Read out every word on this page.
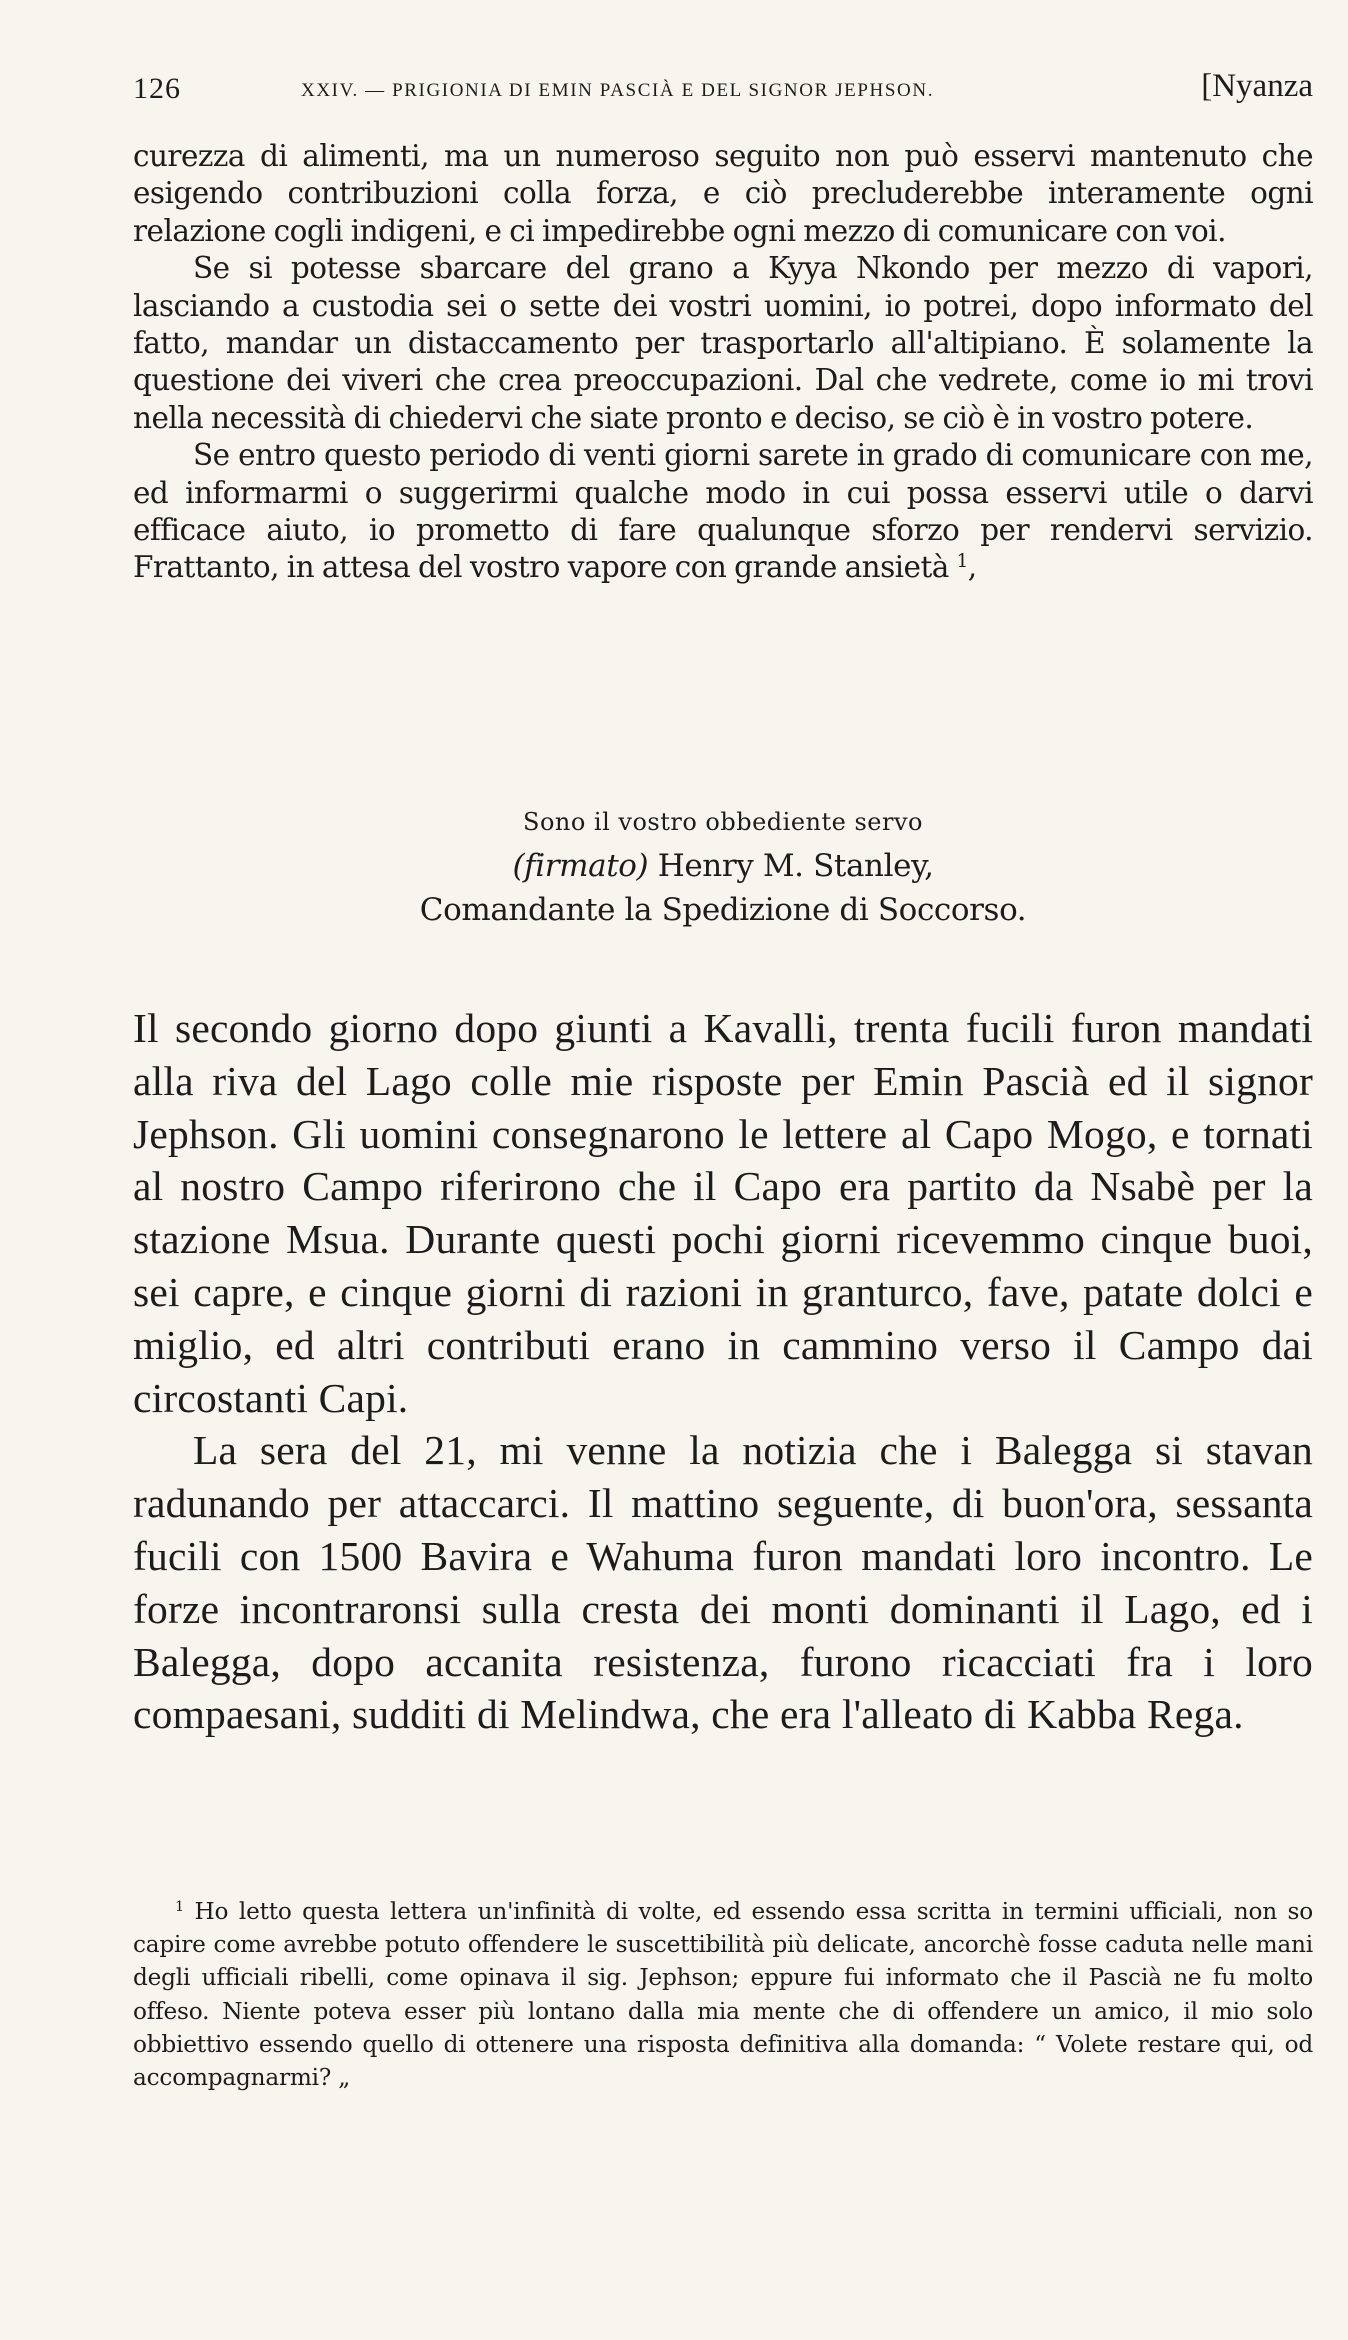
126	XXIV. — PRIGIONIA DI EMIN PASCIÀ E DEL SIGNOR JEPHSON.	[Nyanza

curezza di alimenti, ma un numeroso seguito non può esservi mantenuto che esigendo contribuzioni colla forza, e ciò precluderebbe interamente ogni relazione cogli indigeni, e ci impedirebbe ogni mezzo di comunicare con voi.

Se si potesse sbarcare del grano a Kyya Nkondo per mezzo di vapori, lasciando a custodia sei o sette dei vostri uomini, io potrei, dopo informato del fatto, mandar un distaccamento per trasportarlo all'altipiano. È solamente la questione dei viveri che crea preoccupazioni. Dal che vedrete, come io mi trovi nella necessità di chiedervi che siate pronto e deciso, se ciò è in vostro potere.

Se entro questo periodo di venti giorni sarete in grado di comunicare con me, ed informarmi o suggerirmi qualche modo in cui possa esservi utile o darvi efficace aiuto, io prometto di fare qualunque sforzo per rendervi servizio. Frattanto, in attesa del vostro vapore con grande ansietà $^1$,

Sono il vostro obbediente servo
(firmato) Henry M. Stanley,
Comandante la Spedizione di Soccorso.

Il secondo giorno dopo giunti a Kavalli, trenta fucili furon mandati alla riva del Lago colle mie risposte per Emin Pascià ed il signor Jephson. Gli uomini consegnarono le lettere al Capo Mogo, e tornati al nostro Campo riferirono che il Capo era partito da Nsabè per la stazione Msua. Durante questi pochi giorni ricevemmo cinque buoi, sei capre, e cinque giorni di razioni in granturco, fave, patate dolci e miglio, ed altri contributi erano in cammino verso il Campo dai circostanti Capi.

La sera del 21, mi venne la notizia che i Balegga si stavan radunando per attaccarci. Il mattino seguente, di buon'ora, sessanta fucili con 1500 Bavira e Wahuma furon mandati loro incontro. Le forze incontraronsi sulla cresta dei monti dominanti il Lago, ed i Balegga, dopo accanita resistenza, furono ricacciati fra i loro compaesani, sudditi di Melindwa, che era l'alleato di Kabba Rega.

$^1$ Ho letto questa lettera un'infinità di volte, ed essendo essa scritta in termini ufficiali, non so capire come avrebbe potuto offendere le suscettibilità più delicate, ancorchè fosse caduta nelle mani degli ufficiali ribelli, come opinava il sig. Jephson; eppure fui informato che il Pascià ne fu molto offeso. Niente poteva esser più lontano dalla mia mente che di offendere un amico, il mio solo obbiettivo essendo quello di ottenere una risposta definitiva alla domanda: “ Volete restare qui, od accompagnarmi? „
